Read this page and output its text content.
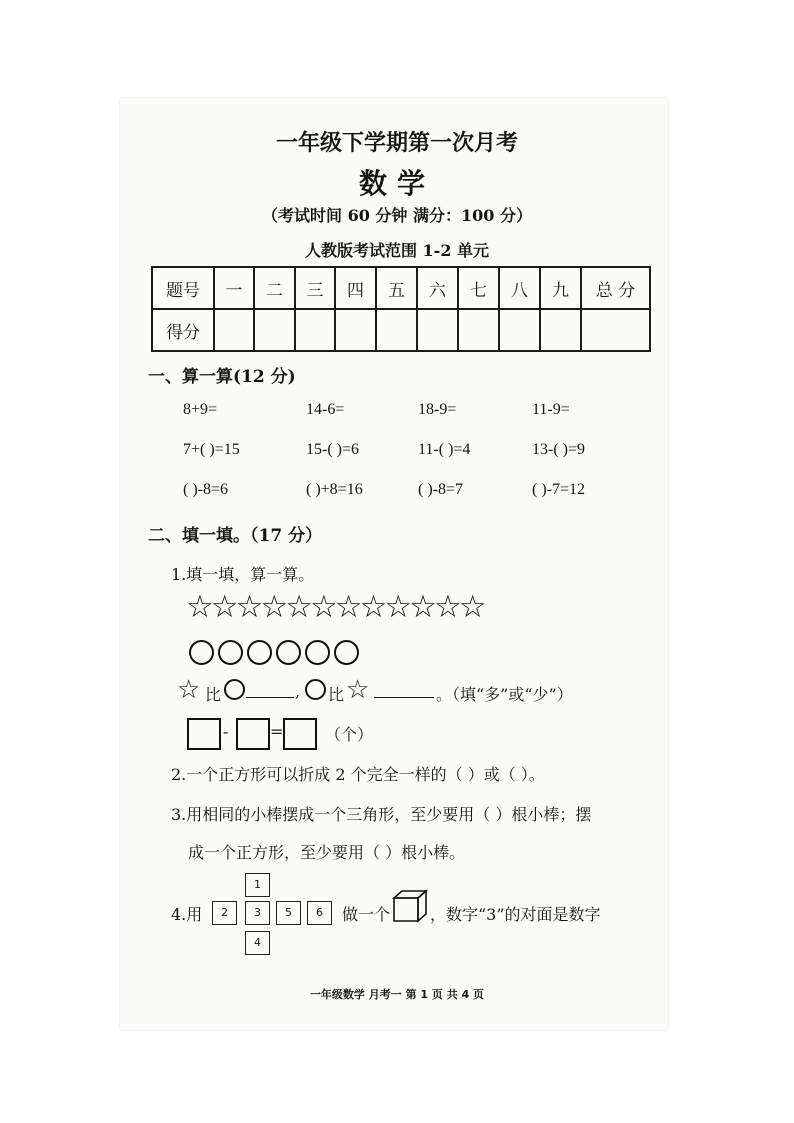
一年级下学期第一次月考
数学
（考试时间 60 分钟 满分：100 分）
人教版考试范围 1-2 单元
题号	一	二	三	四	五	六	七	八	九	总 分
得分										
一、算一算(12 分)
8+9=	14-6=	18-9=	11-9=
7+( )=15	15-( )=6	11-( )=4	13-( )=9
( )-8=6	( )+8=16	( )-8=7	( )-7=12
二、填一填。（17 分）
1.填一填，算一算。
☆☆☆☆☆☆☆☆☆☆☆☆
☆ 比	, 比 ☆	。（填“多”或“少”）
-	=	（个）
2.一个正方形可以折成 2 个完全一样的（ ）或（ ）。
3.用相同的小棒摆成一个三角形，至少要用（ ）根小棒；摆
成一个正方形，至少要用（ ）根小棒。
4.用
1
2	3	5	6
4
做一个 ，数字“3”的对面是数字
一年级数学 月考一 第 1 页 共 4 页
